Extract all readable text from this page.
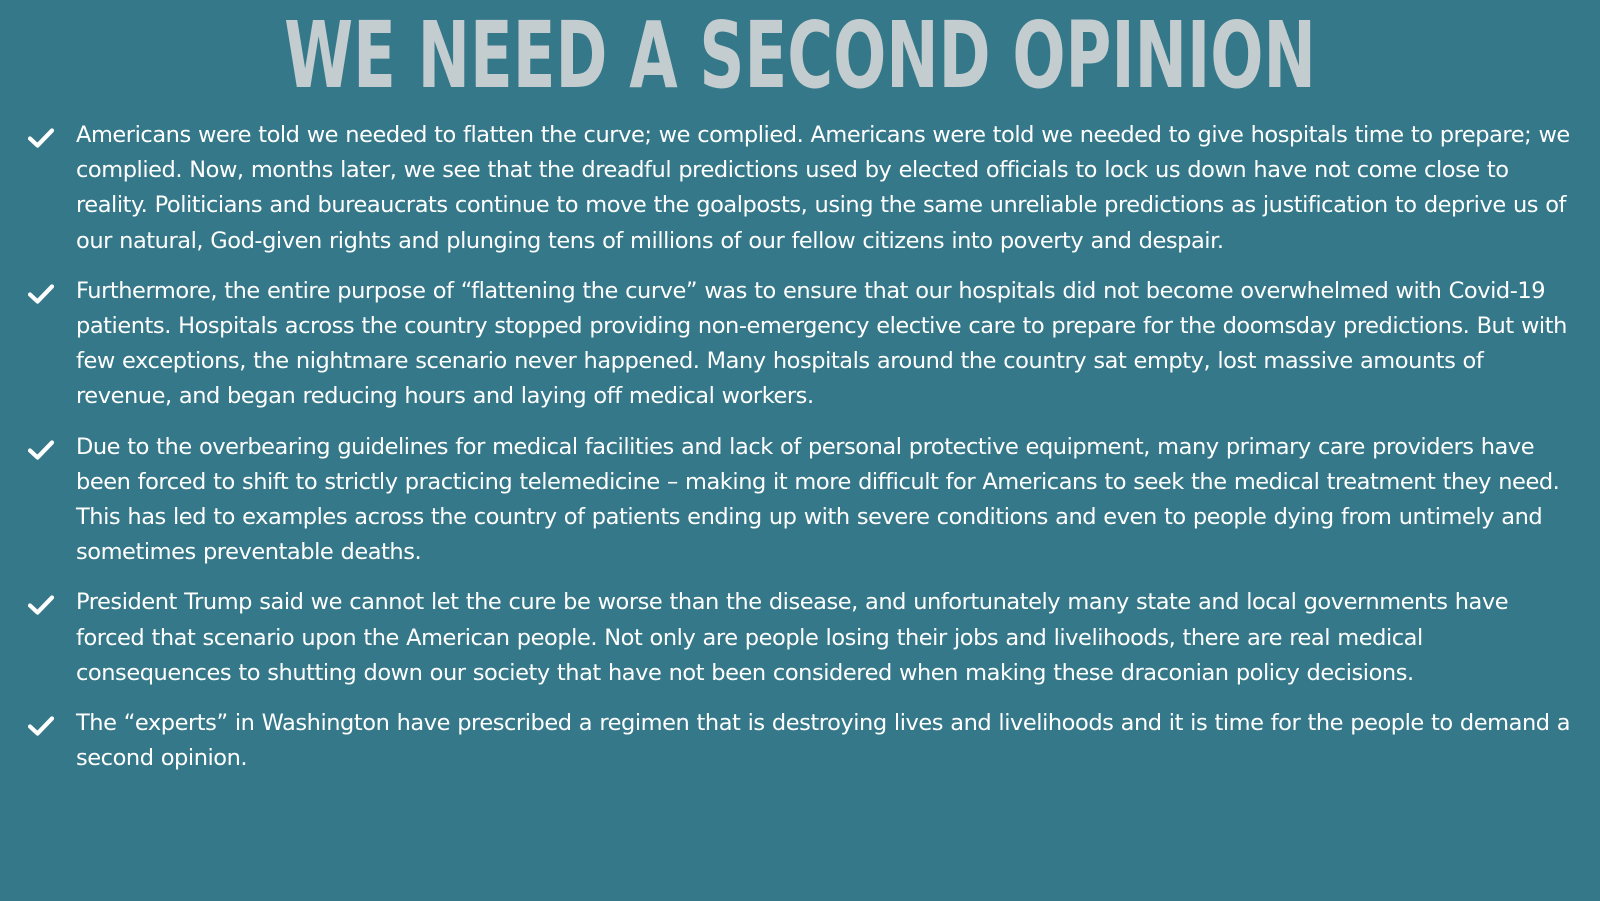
WE NEED A SECOND OPINION

Americans were told we needed to flatten the curve; we complied. Americans were told we needed to give hospitals time to prepare; we complied. Now, months later, we see that the dreadful predictions used by elected officials to lock us down have not come close to reality. Politicians and bureaucrats continue to move the goalposts, using the same unreliable predictions as justification to deprive us of our natural, God-given rights and plunging tens of millions of our fellow citizens into poverty and despair.

Furthermore, the entire purpose of “flattening the curve” was to ensure that our hospitals did not become overwhelmed with Covid-19 patients. Hospitals across the country stopped providing non-emergency elective care to prepare for the doomsday predictions. But with few exceptions, the nightmare scenario never happened. Many hospitals around the country sat empty, lost massive amounts of revenue, and began reducing hours and laying off medical workers.

Due to the overbearing guidelines for medical facilities and lack of personal protective equipment, many primary care providers have been forced to shift to strictly practicing telemedicine – making it more difficult for Americans to seek the medical treatment they need. This has led to examples across the country of patients ending up with severe conditions and even to people dying from untimely and sometimes preventable deaths.

President Trump said we cannot let the cure be worse than the disease, and unfortunately many state and local governments have forced that scenario upon the American people. Not only are people losing their jobs and livelihoods, there are real medical consequences to shutting down our society that have not been considered when making these draconian policy decisions.

The “experts” in Washington have prescribed a regimen that is destroying lives and livelihoods and it is time for the people to demand a second opinion.
